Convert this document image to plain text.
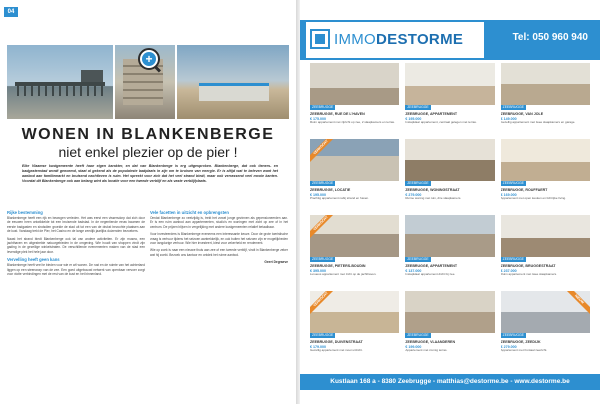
04
+
WONEN IN BLANKENBERGE
niet enkel plezier op de pier !
Elke Vlaamse kustgemeente heeft haar eigen karakter, en dat van Blankenberge is erg uitgesproken. Blankenberge, dat ook tieners- en badgastenstad wordt genoemd, staat al gekend als de populairste badplaats in zijn om te bruisen van energie. Er is altijd wat te beleven want het aanbod aan familiemarkt en bruisend nachtleven is ruim. Het spreekt voor zich dat het veel strand biedt, maar ook verrassend veel mooie kanten. Voordat dit Blankenberge ook aan belang wint als locatie voor een tweede verblijf en als vaste verblijfplaats.
Rijke bestemming

Blankenberge heeft een rijk en bewogen verleden. Het was eerst een vissersdorp dat zich door de eeuwen heen ontwikkelde tot een bruisende badstad. In de negentiende eeuw kwamen de eerste badgasten en sindsdien groeide de stad uit tot een van de drukst bezochte plaatsen aan de kust. Vandaag trekt de Pier, het Casino en de lange zeedijk jaarlijks duizenden bezoekers.

Naast het strand biedt Blankenberge ook tal van andere activiteiten. Er zijn musea, een jachthaven en uitgestrekte natuurgebieden in de omgeving. Wie houdt van shoppen vindt zijn gading in de gezellige winkelstraten. De verschillende evenementen maken van de stad een levendige plek het hele jaar door.

Vervelling heeft geen kans

Blankenberge heeft veel te bieden voor wie er wil wonen. De rust en de ruimte van het achterland liggen op een steenworp van de zee. Een goed uitgebouwd netwerk van openbaar vervoer zorgt voor vlotte verbindingen met de rest van de kust en het binnenland.

Vele facetten in uitzicht en opbrengsten

Omdat Blankenberge zo veelzijdig is, trekt het zowel jonge gezinnen als gepensioneerden aan. Er is een ruim aanbod aan appartementen, studio's en woningen met zicht op zee of in het centrum. De prijzen blijven in vergelijking met andere kustgemeenten relatief betaalbaar.

Voor investeerders is Blankenberge eveneens een interessante keuze. Door de grote toeristische vraag is verhuur tijdens het seizoen aantrekkelijk, en ook buiten het seizoen zijn er mogelijkheden voor langdurige verhuur. Wie hier investeert, kiest voor zekerheid en rendement.

Wie op zoek is naar een nieuwe thuis aan zee of een tweede verblijf, vindt in Blankenberge zeker wat hij zoekt. Bezoek ons kantoor en ontdek het ruime aanbod.

Geert Degraeve
IMMODESTORME	Tel: 050 960 940
ZEEBRUGGE
ZEEBRUGGE, RUE DE L'HAVEN
€ 175.000
Ruim appartement met zijzicht op zee, 2 slaapkamers en terras.
ZEEBRUGGE
ZEEBRUGGE, APPARTEMENT
€ 195.000
Instapklaar appartement, centraal gelegen met terras.
ZEEBRUGGE
ZEEBRUGGE, VAN JOLE
€ 149.000
Gezellig appartement met twee slaapkamers en garage.
ZEEBRUGGE
ZEEBRUGGE, LOCATIE
€ 195.000
Prachtig appartement nabij strand en haven.
VERKOCHT
ZEEBRUGGE
ZEEBRUGGE, WONINGSTRAAT
€ 279.000
Ruime woning met tuin, drie slaapkamers.
ZEEBRUGGE
ZEEBRUGGE, ROUFFAERT
€ 169.000
Appartement met open keuken en lichtrijke living.
ZEEBRUGGE
ZEEBRUGGE, PIETERS-BOUDIN
€ 395.000
Luxueus appartement met zicht op de jachthaven.
VERKOCHT
ZEEBRUGGE
ZEEBRUGGE, APPARTEMENT
€ 137.000
Instapklaar appartement dicht bij zee.
ZEEBRUGGE
ZEEBRUGGE, BRUGGESTRAAT
€ 237.000
Ruim appartement met twee slaapkamers.
ZEEBRUGGE
ZEEBRUGGE, DUIVENSTRAAT
€ 179.000
Gezellig appartement met mooi uitzicht.
VERKOCHT
ZEEBRUGGE
ZEEBRUGGE, VLAANDEREN
€ 199.000
Appartement met zonnig terras.
ZEEBRUGGE
ZEEBRUGGE, ZEEDIJK
€ 279.000
Appartement met frontaal zeezicht.
NIEUW
Kustlaan 168 a - 8380 Zeebrugge - matthias@destorme.be - www.destorme.be
